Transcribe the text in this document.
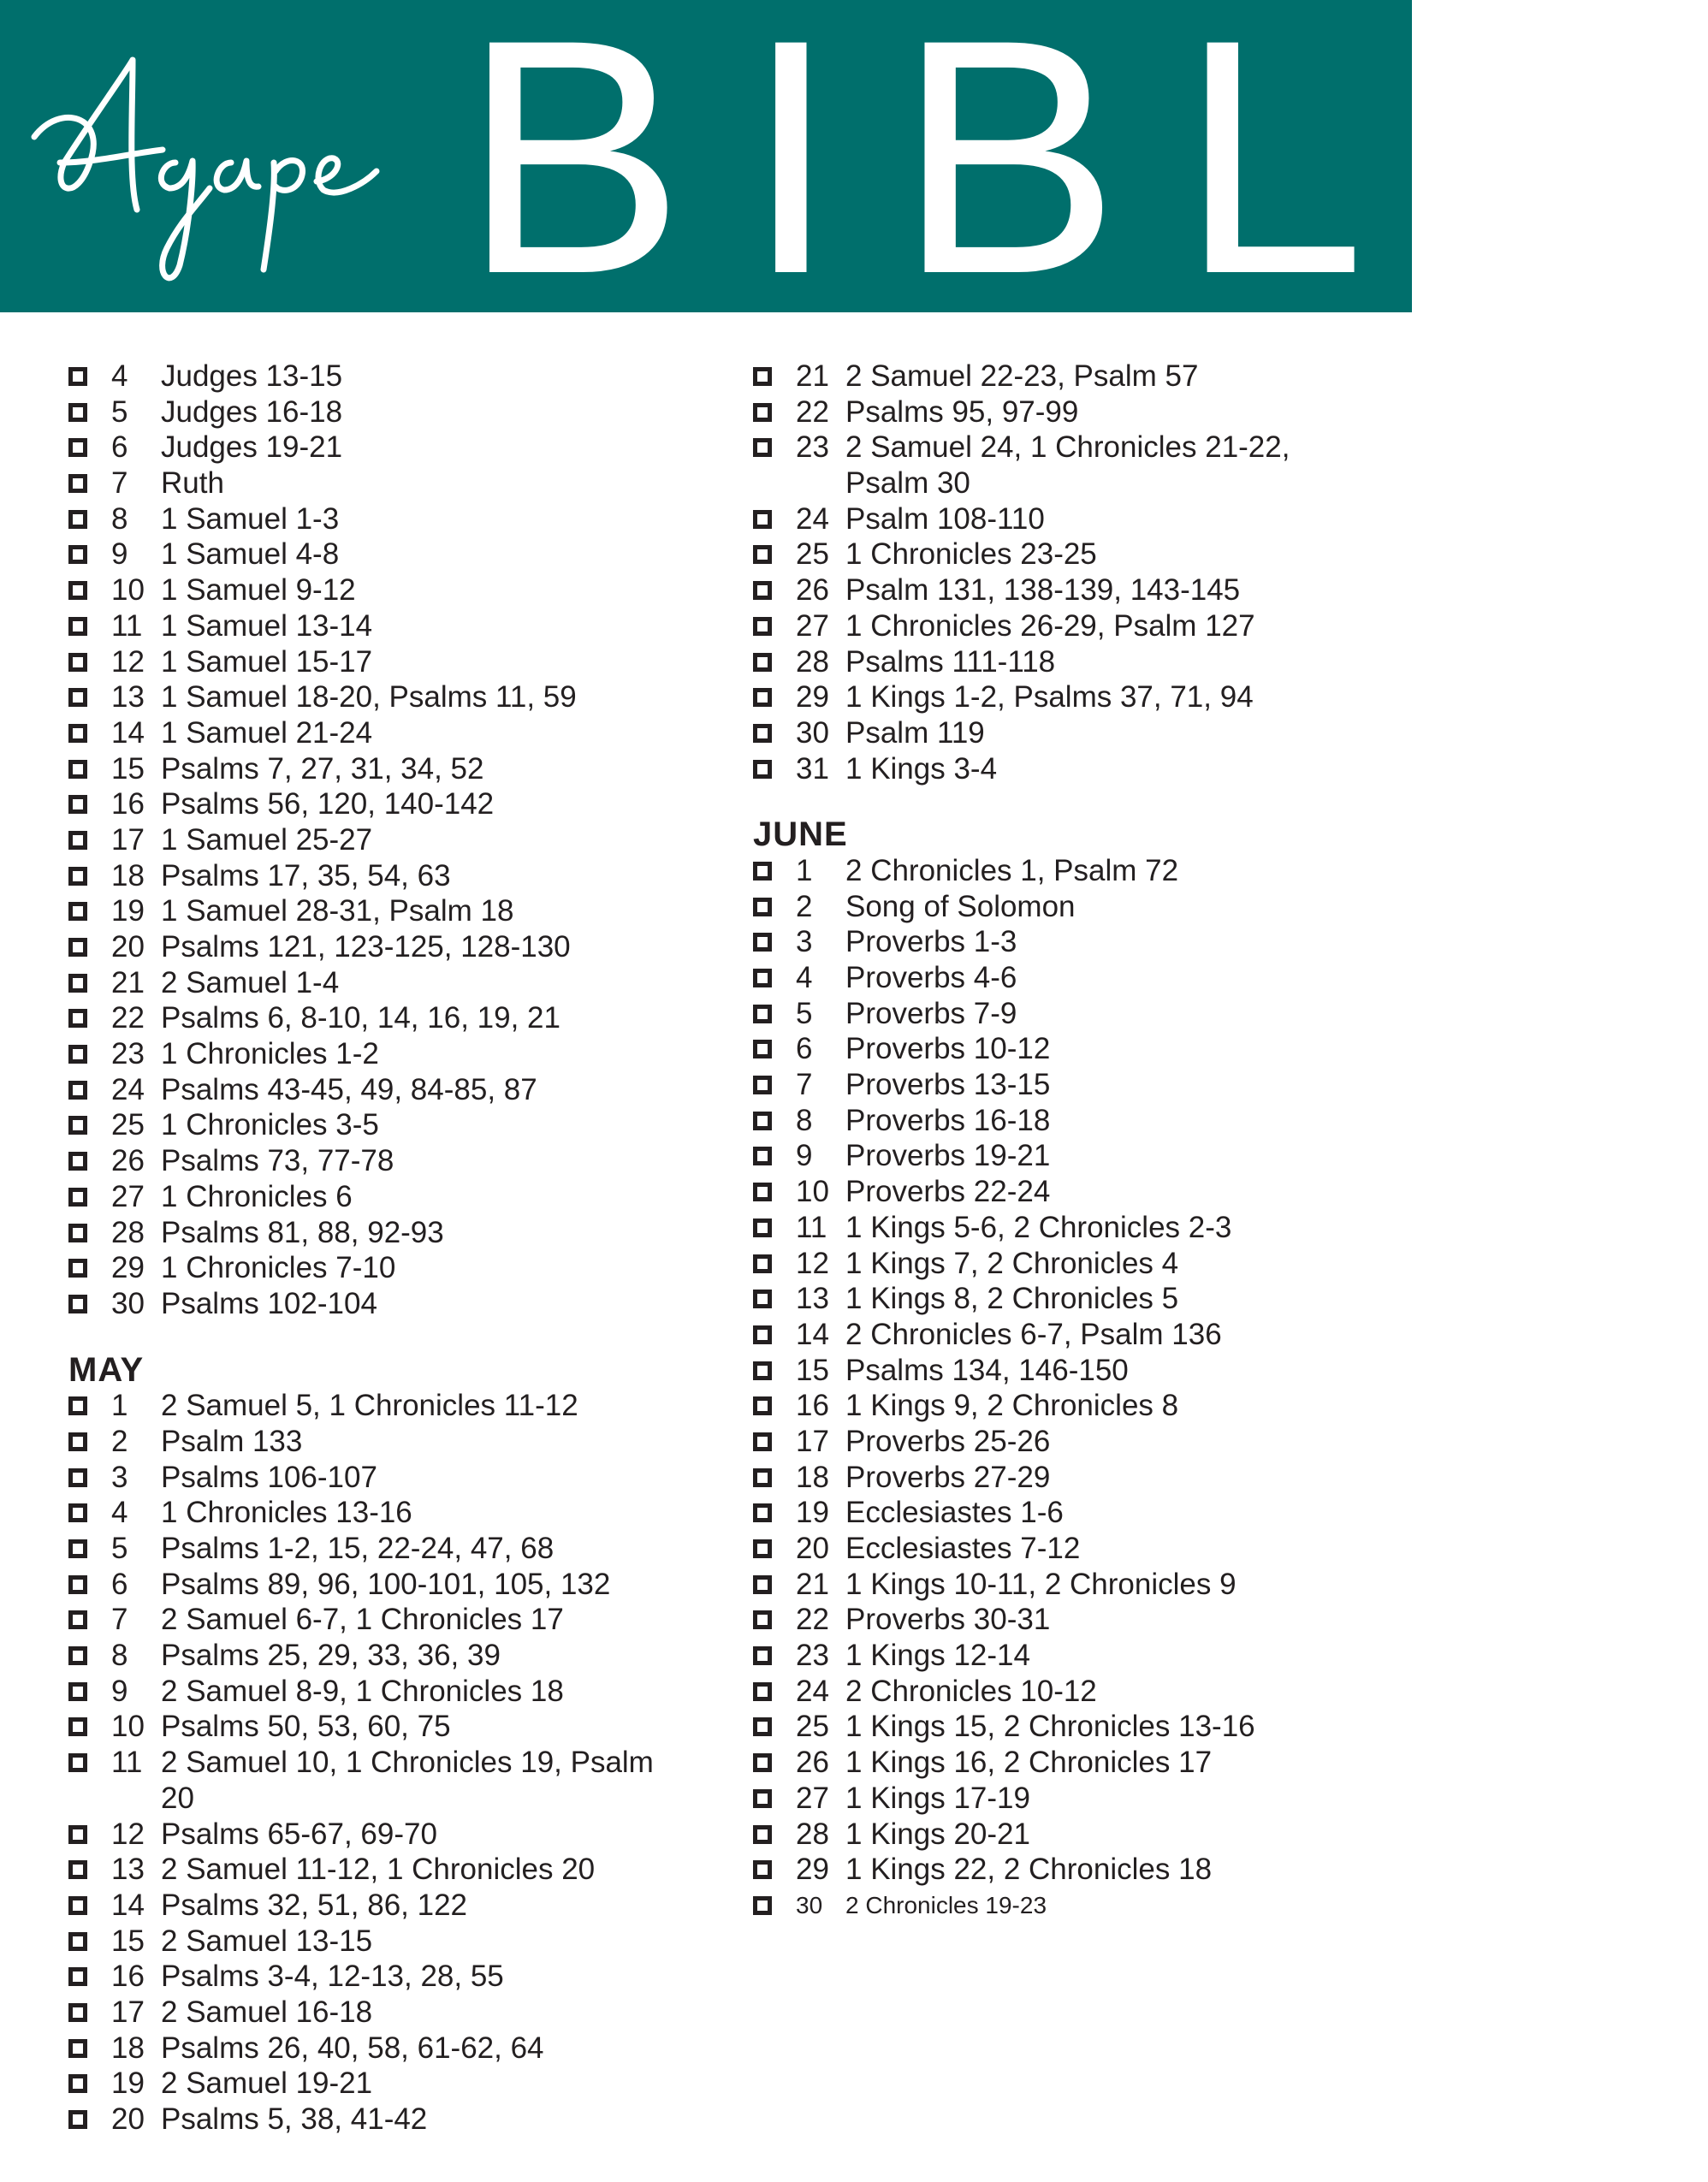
BIBLE
4 Judges 13-15
5 Judges 16-18
6 Judges 19-21
7 Ruth
8 1 Samuel 1-3
9 1 Samuel 4-8
10 1 Samuel 9-12
11 1 Samuel 13-14
12 1 Samuel 15-17
13 1 Samuel 18-20, Psalms 11, 59
14 1 Samuel 21-24
15 Psalms 7, 27, 31, 34, 52
16 Psalms 56, 120, 140-142
17 1 Samuel 25-27
18 Psalms 17, 35, 54, 63
19 1 Samuel 28-31, Psalm 18
20 Psalms 121, 123-125, 128-130
21 2 Samuel 1-4
22 Psalms 6, 8-10, 14, 16, 19, 21
23 1 Chronicles 1-2
24 Psalms 43-45, 49, 84-85, 87
25 1 Chronicles 3-5
26 Psalms 73, 77-78
27 1 Chronicles 6
28 Psalms 81, 88, 92-93
29 1 Chronicles 7-10
30 Psalms 102-104
MAY
1 2 Samuel 5, 1 Chronicles 11-12
2 Psalm 133
3 Psalms 106-107
4 1 Chronicles 13-16
5 Psalms 1-2, 15, 22-24, 47, 68
6 Psalms 89, 96, 100-101, 105, 132
7 2 Samuel 6-7, 1 Chronicles 17
8 Psalms 25, 29, 33, 36, 39
9 2 Samuel 8-9, 1 Chronicles 18
10 Psalms 50, 53, 60, 75
11 2 Samuel 10, 1 Chronicles 19, Psalm 20
12 Psalms 65-67, 69-70
13 2 Samuel 11-12, 1 Chronicles 20
14 Psalms 32, 51, 86, 122
15 2 Samuel 13-15
16 Psalms 3-4, 12-13, 28, 55
17 2 Samuel 16-18
18 Psalms 26, 40, 58, 61-62, 64
19 2 Samuel 19-21
20 Psalms 5, 38, 41-42
21 2 Samuel 22-23, Psalm 57
22 Psalms 95, 97-99
23 2 Samuel 24, 1 Chronicles 21-22, Psalm 30
24 Psalm 108-110
25 1 Chronicles 23-25
26 Psalm 131, 138-139, 143-145
27 1 Chronicles 26-29, Psalm 127
28 Psalms 111-118
29 1 Kings 1-2, Psalms 37, 71, 94
30 Psalm 119
31 1 Kings 3-4
JUNE
1 2 Chronicles 1, Psalm 72
2 Song of Solomon
3 Proverbs 1-3
4 Proverbs 4-6
5 Proverbs 7-9
6 Proverbs 10-12
7 Proverbs 13-15
8 Proverbs 16-18
9 Proverbs 19-21
10 Proverbs 22-24
11 1 Kings 5-6, 2 Chronicles 2-3
12 1 Kings 7, 2 Chronicles 4
13 1 Kings 8, 2 Chronicles 5
14 2 Chronicles 6-7, Psalm 136
15 Psalms 134, 146-150
16 1 Kings 9, 2 Chronicles 8
17 Proverbs 25-26
18 Proverbs 27-29
19 Ecclesiastes 1-6
20 Ecclesiastes 7-12
21 1 Kings 10-11, 2 Chronicles 9
22 Proverbs 30-31
23 1 Kings 12-14
24 2 Chronicles 10-12
25 1 Kings 15, 2 Chronicles 13-16
26 1 Kings 16, 2 Chronicles 17
27 1 Kings 17-19
28 1 Kings 20-21
29 1 Kings 22, 2 Chronicles 18
30 2 Chronicles 19-23
